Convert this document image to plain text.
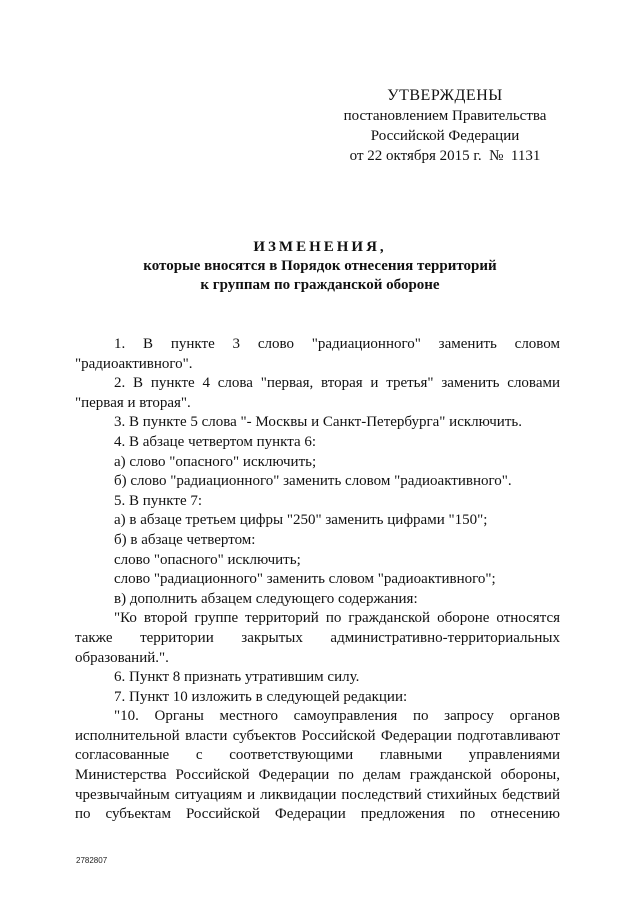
УТВЕРЖДЕНЫ
постановлением Правительства
Российской Федерации
от 22 октября 2015 г.  №  1131
ИЗМЕНЕНИЯ,
которые вносятся в Порядок отнесения территорий
к группам по гражданской обороне

1. В пункте 3 слово "радиационного" заменить словом "радиоактивного".

2. В пункте 4 слова "первая, вторая и третья" заменить словами "первая и вторая".

3. В пункте 5 слова "- Москвы и Санкт-Петербурга" исключить.

4. В абзаце четвертом пункта 6:

а) слово "опасного" исключить;

б) слово "радиационного" заменить словом "радиоактивного".

5. В пункте 7:

а) в абзаце третьем цифры "250" заменить цифрами "150";

б) в абзаце четвертом:

слово "опасного" исключить;

слово "радиационного" заменить словом "радиоактивного";

в) дополнить абзацем следующего содержания:

"Ко второй группе территорий по гражданской обороне относятся также территории закрытых административно-территориальных образований.".

6. Пункт 8 признать утратившим силу.

7. Пункт 10 изложить в следующей редакции:

"10. Органы местного самоуправления по запросу органов

исполнительной власти субъектов Российской Федерации подготавливают

согласованные с соответствующими главными управлениями

Министерства Российской Федерации по делам гражданской обороны,

чрезвычайным ситуациям и ликвидации последствий стихийных бедствий

по субъектам Российской Федерации предложения по отнесению

2782807
